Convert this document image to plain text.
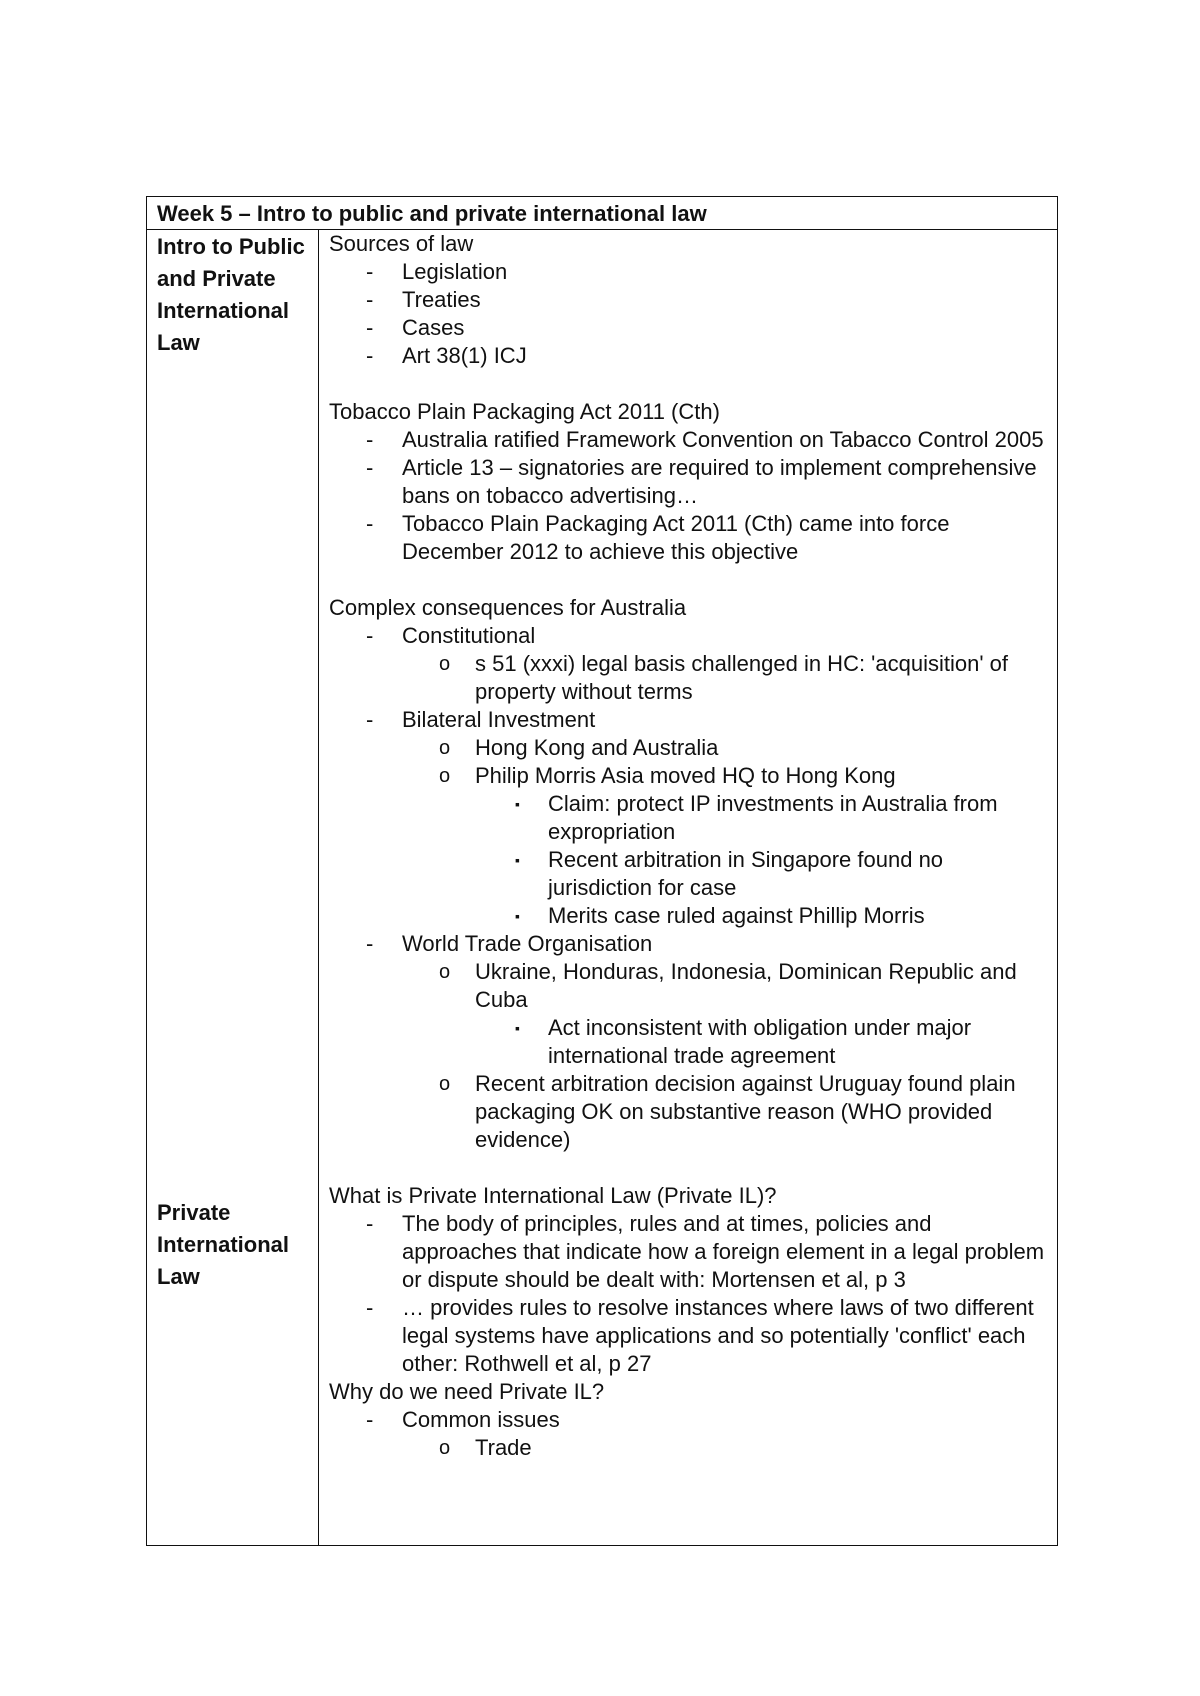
Week 5 – Intro to public and private international law
Intro to Public and Private International Law
Private International Law
Sources of law
- Legislation
- Treaties
- Cases
- Art 38(1) ICJ
Tobacco Plain Packaging Act 2011 (Cth)
- Australia ratified Framework Convention on Tabacco Control 2005
- Article 13 – signatories are required to implement comprehensive bans on tobacco advertising…
- Tobacco Plain Packaging Act 2011 (Cth) came into force December 2012 to achieve this objective
Complex consequences for Australia
- Constitutional
o s 51 (xxxi) legal basis challenged in HC: 'acquisition' of property without terms
- Bilateral Investment
o Hong Kong and Australia
o Philip Morris Asia moved HQ to Hong Kong
▪ Claim: protect IP investments in Australia from expropriation
▪ Recent arbitration in Singapore found no jurisdiction for case
▪ Merits case ruled against Phillip Morris
- World Trade Organisation
o Ukraine, Honduras, Indonesia, Dominican Republic and Cuba
▪ Act inconsistent with obligation under major international trade agreement
o Recent arbitration decision against Uruguay found plain packaging OK on substantive reason (WHO provided evidence)
What is Private International Law (Private IL)?
- The body of principles, rules and at times, policies and approaches that indicate how a foreign element in a legal problem or dispute should be dealt with: Mortensen et al, p 3
- … provides rules to resolve instances where laws of two different legal systems have applications and so potentially 'conflict' each other: Rothwell et al, p 27
Why do we need Private IL?
- Common issues
o Trade
